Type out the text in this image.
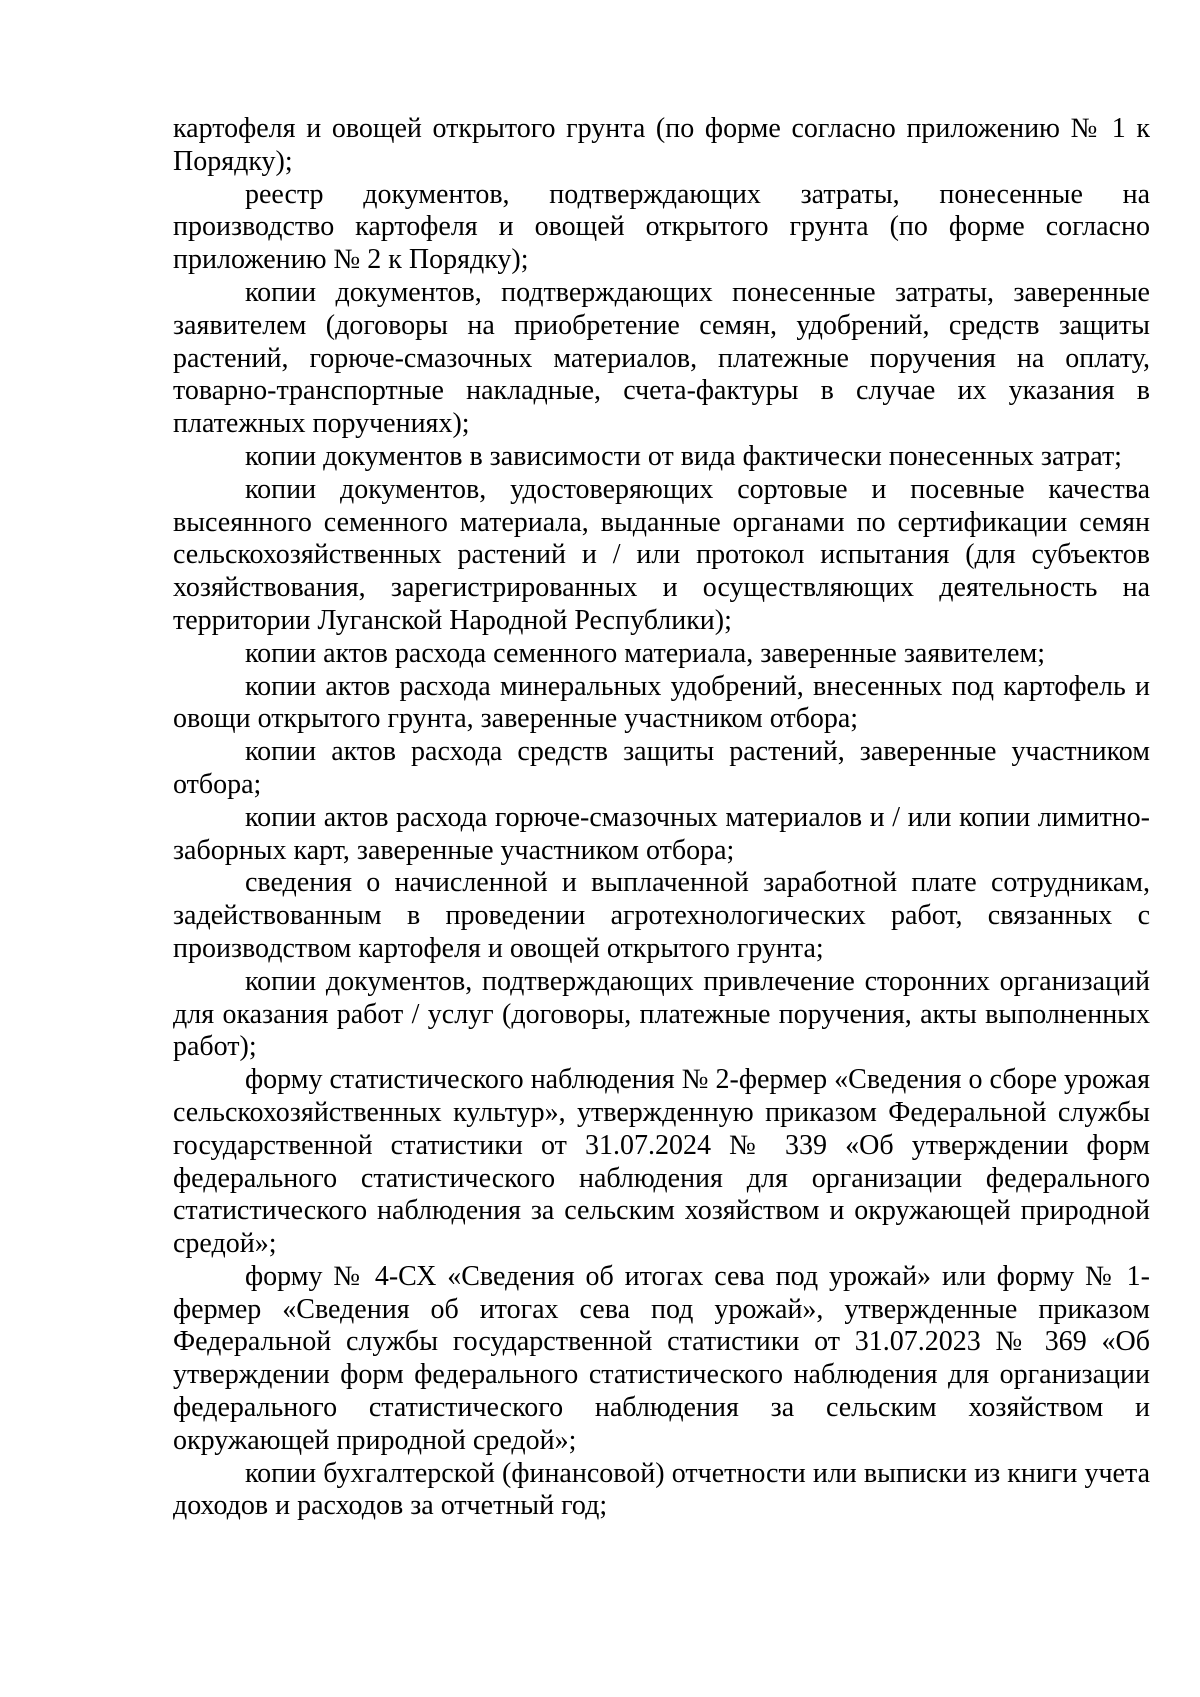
картофеля и овощей открытого грунта (по форме согласно приложению № 1 к Порядку);

реестр документов, подтверждающих затраты, понесенные на производство картофеля и овощей открытого грунта (по форме согласно приложению № 2 к Порядку);

копии документов, подтверждающих понесенные затраты, заверенные заявителем (договоры на приобретение семян, удобрений, средств защиты растений, горюче-смазочных материалов, платежные поручения на оплату, товарно-транспортные накладные, счета-фактуры в случае их указания в платежных поручениях);

копии документов в зависимости от вида фактически понесенных затрат;

копии документов, удостоверяющих сортовые и посевные качества высеянного семенного материала, выданные органами по сертификации семян сельскохозяйственных растений и / или протокол испытания (для субъектов хозяйствования, зарегистрированных и осуществляющих деятельность на территории Луганской Народной Республики);

копии актов расхода семенного материала, заверенные заявителем;

копии актов расхода минеральных удобрений, внесенных под картофель и овощи открытого грунта, заверенные участником отбора;

копии актов расхода средств защиты растений, заверенные участником отбора;

копии актов расхода горюче-смазочных материалов и / или копии лимитно-заборных карт, заверенные участником отбора;

сведения о начисленной и выплаченной заработной плате сотрудникам, задействованным в проведении агротехнологических работ, связанных с производством картофеля и овощей открытого грунта;

копии документов, подтверждающих привлечение сторонних организаций для оказания работ / услуг (договоры, платежные поручения, акты выполненных работ);

форму статистического наблюдения № 2-фермер «Сведения о сборе урожая сельскохозяйственных культур», утвержденную приказом Федеральной службы государственной статистики от 31.07.2024 № 339 «Об утверждении форм федерального статистического наблюдения для организации федерального статистического наблюдения за сельским хозяйством и окружающей природной средой»;

форму № 4-СХ «Сведения об итогах сева под урожай» или форму № 1-фермер «Сведения об итогах сева под урожай», утвержденные приказом Федеральной службы государственной статистики от 31.07.2023 № 369 «Об утверждении форм федерального статистического наблюдения для организации федерального статистического наблюдения за сельским хозяйством и окружающей природной средой»;

копии бухгалтерской (финансовой) отчетности или выписки из книги учета доходов и расходов за отчетный год;
